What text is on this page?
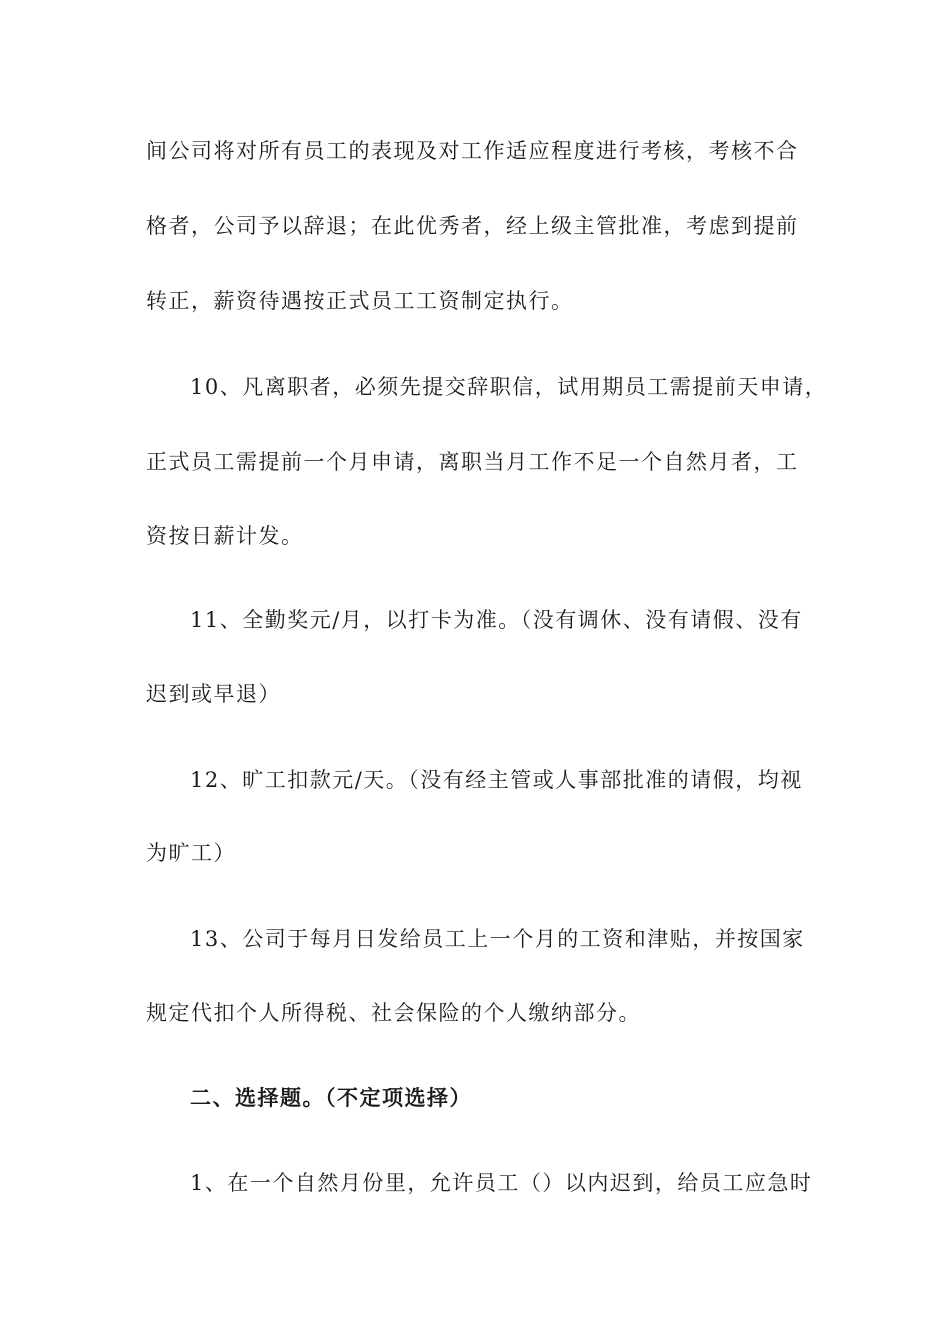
间公司将对所有员工的表现及对工作适应程度进行考核，考核不合
格者，公司予以辞退；在此优秀者，经上级主管批准，考虑到提前
转正，薪资待遇按正式员工工资制定执行。
10、凡离职者，必须先提交辞职信，试用期员工需提前天申请，
正式员工需提前一个月申请，离职当月工作不足一个自然月者，工
资按日薪计发。
11、全勤奖元/月，以打卡为准。（没有调休、没有请假、没有
迟到或早退）
12、旷工扣款元/天。（没有经主管或人事部批准的请假，均视
为旷工）
13、公司于每月日发给员工上一个月的工资和津贴，并按国家
规定代扣个人所得税、社会保险的个人缴纳部分。
二、选择题。（不定项选择）
1、在一个自然月份里，允许员工（）以内迟到，给员工应急时
